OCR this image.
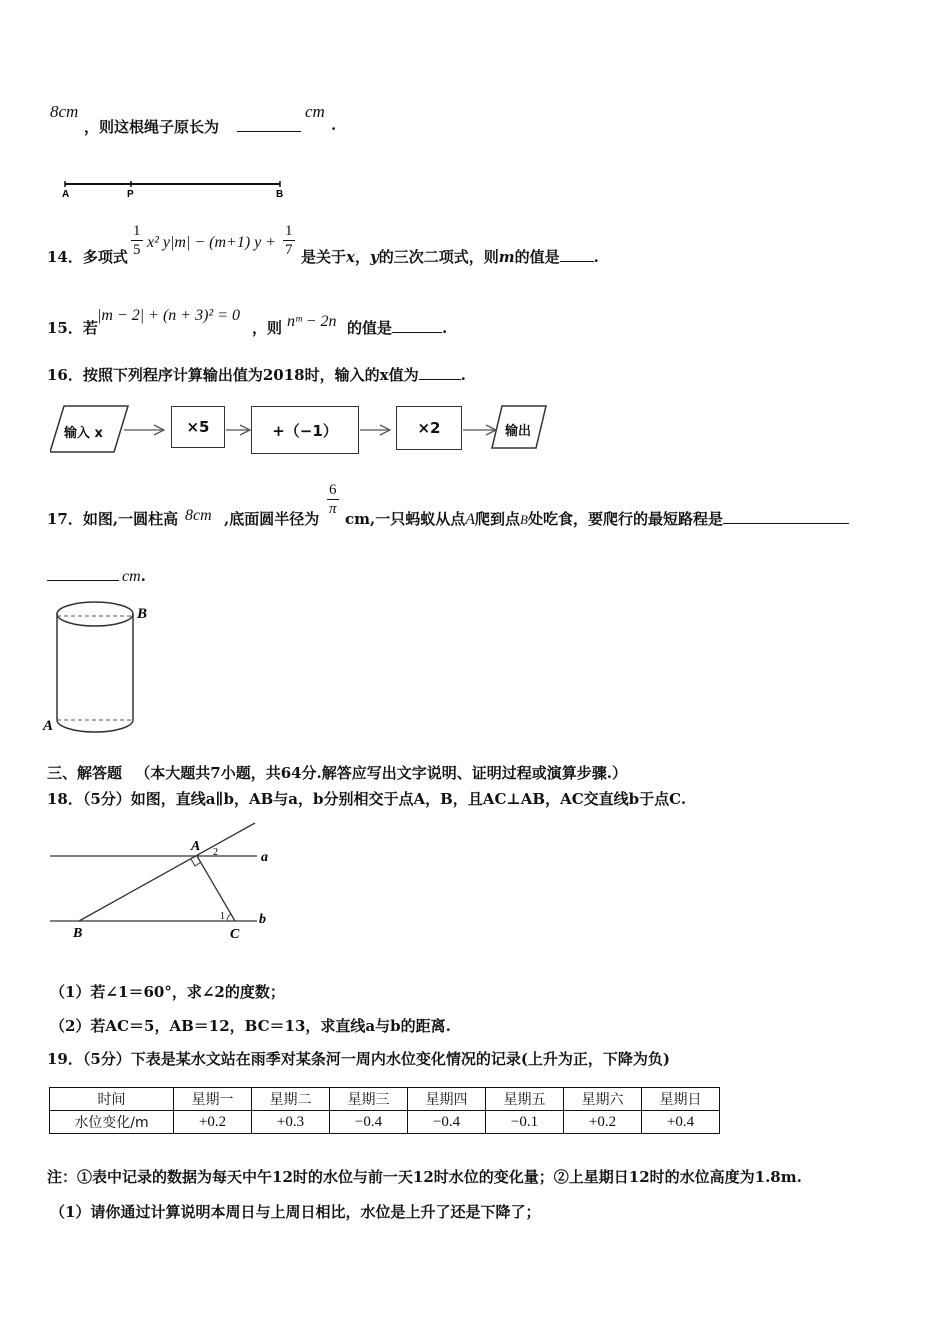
8cm
，则这根绳子原长为
cm
.
A	P	B
14．多项式 $\frac{1}{5} x^2$ y|m| − (m+1) $y + \frac{1}{7}$ 是关于x，y的三次二项式，则m的值是 .
15．若
|m − 2| + (n + 3)² = 0
，则 nᵐ − 2n 的值是	.
16．按照下列程序计算输出值为2018时，输入的x值为	.
输入 x	×5	+（−1）	×2	输出
17．如图,一圆柱高 8cm ,底面圆半径为
$\frac{6}{\pi}$
cm,一只蚂蚁从点A爬到点B处吃食，要爬行的最短路程是
cm.
B
A
三、解答题 （本大题共7小题，共64分.解答应写出文字说明、证明过程或演算步骤.）
18．（5分）如图，直线a∥b，AB与a，b分别相交于点A，B，且AC⊥AB，AC交直线b于点C.
A 2	a
1 b
B	C
（1）若∠1＝60°，求∠2的度数；
（2）若AC＝5，AB＝12，BC＝13，求直线a与b的距离.
19．（5分）下表是某水文站在雨季对某条河一周内水位变化情况的记录(上升为正，下降为负)
时间	星期一	星期二	星期三	星期四	星期五	星期六	星期日
水位变化/m	+0.2	+0.3	−0.4	−0.4	−0.1	+0.2	+0.4
注：①表中记录的数据为每天中午12时的水位与前一天12时水位的变化量；②上星期日12时的水位高度为1.8m.
（1）请你通过计算说明本周日与上周日相比，水位是上升了还是下降了；
